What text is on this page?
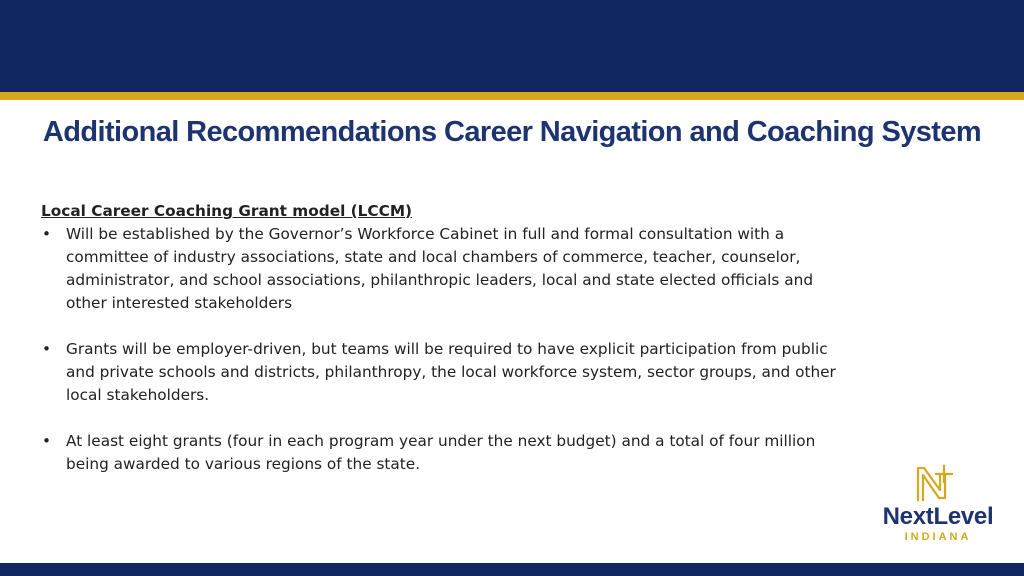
Additional Recommendations Career Navigation and Coaching System

Local Career Coaching Grant model (LCCM)

• Will be established by the Governor’s Workforce Cabinet in full and formal consultation with a committee of industry associations, state and local chambers of commerce, teacher, counselor, administrator, and school associations, philanthropic leaders, local and state elected officials and other interested stakeholders
• Grants will be employer-driven, but teams will be required to have explicit participation from public and private schools and districts, philanthropy, the local workforce system, sector groups, and other local stakeholders.
• At least eight grants (four in each program year under the next budget) and a total of four million being awarded to various regions of the state.
NextLevel
INDIANA
